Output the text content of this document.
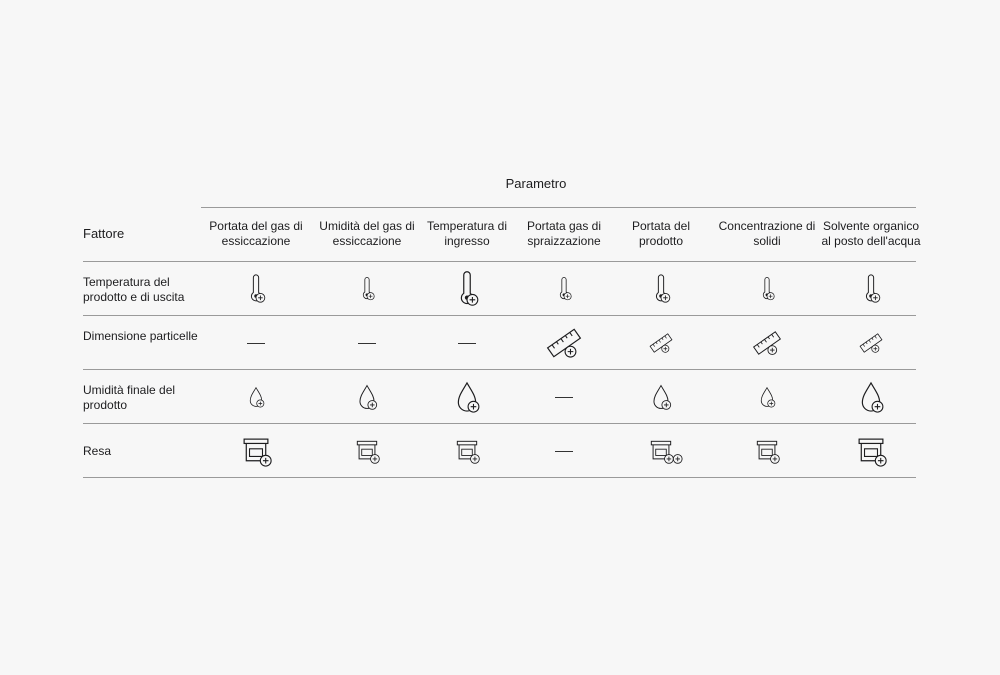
Parametro
Fattore	Portata del gas di essiccazione
Umidità del gas di essiccazione
Temperatura di ingresso
Portata gas di spraizzazione
Portata del prodotto
Concentrazione di solidi
Solvente organico al posto dell'acqua
Temperatura del prodotto e di uscita
Dimensione particelle
Umidità finale del prodotto
Resa
